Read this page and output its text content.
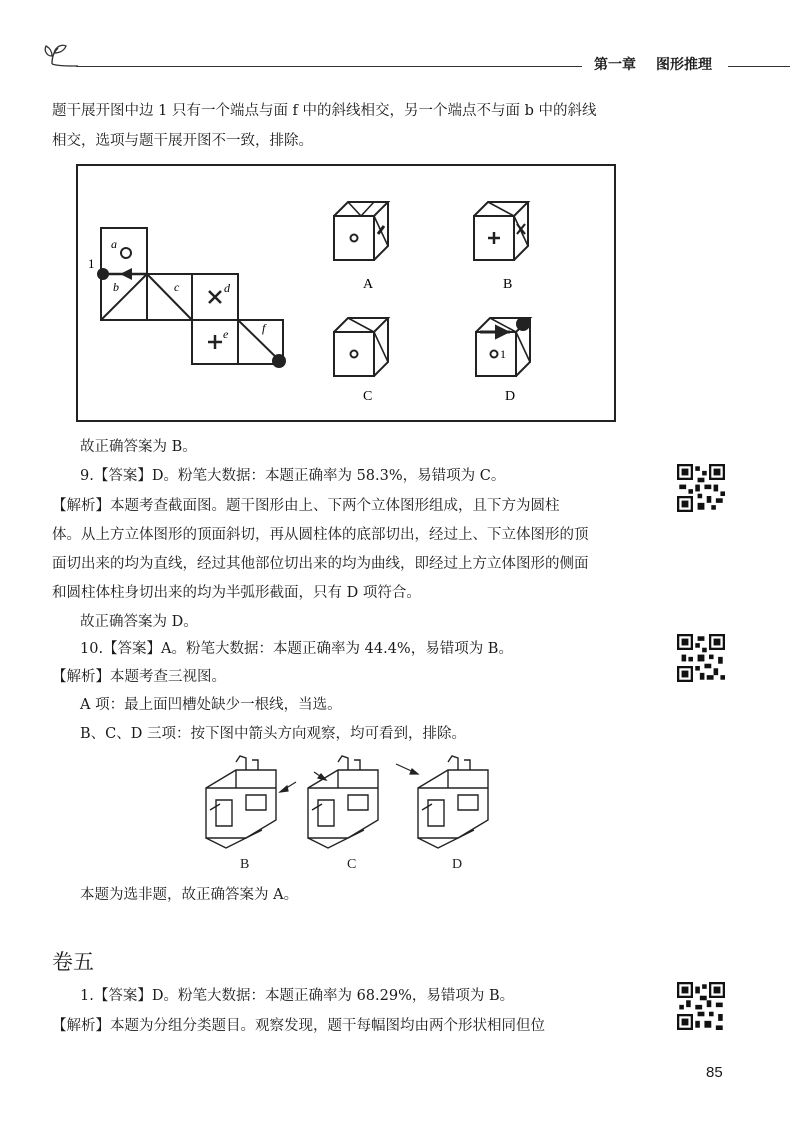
第一章 图形推理
题干展开图中边 1 只有一个端点与面 f 中的斜线相交，另一个端点不与面 b 中的斜线
相交，选项与题干展开图不一致，排除。
1
a
b	c	d
e	f
1
A	B
C	D
故正确答案为 B。
9.【答案】D。粉笔大数据：本题正确率为 58.3%，易错项为 C。
【解析】本题考查截面图。题干图形由上、下两个立体图形组成，且下方为圆柱
体。从上方立体图形的顶面斜切，再从圆柱体的底部切出，经过上、下立体图形的顶
面切出来的均为直线，经过其他部位切出来的均为曲线，即经过上方立体图形的侧面
和圆柱体柱身切出来的均为半弧形截面，只有 D 项符合。
故正确答案为 D。
10.【答案】A。粉笔大数据：本题正确率为 44.4%，易错项为 B。
【解析】本题考查三视图。
A 项：最上面凹槽处缺少一根线，当选。
B、C、D 三项：按下图中箭头方向观察，均可看到，排除。
B	C	D
本题为选非题，故正确答案为 A。
卷五
1.【答案】D。粉笔大数据：本题正确率为 68.29%，易错项为 B。
【解析】本题为分组分类题目。观察发现，题干每幅图均由两个形状相同但位
85
